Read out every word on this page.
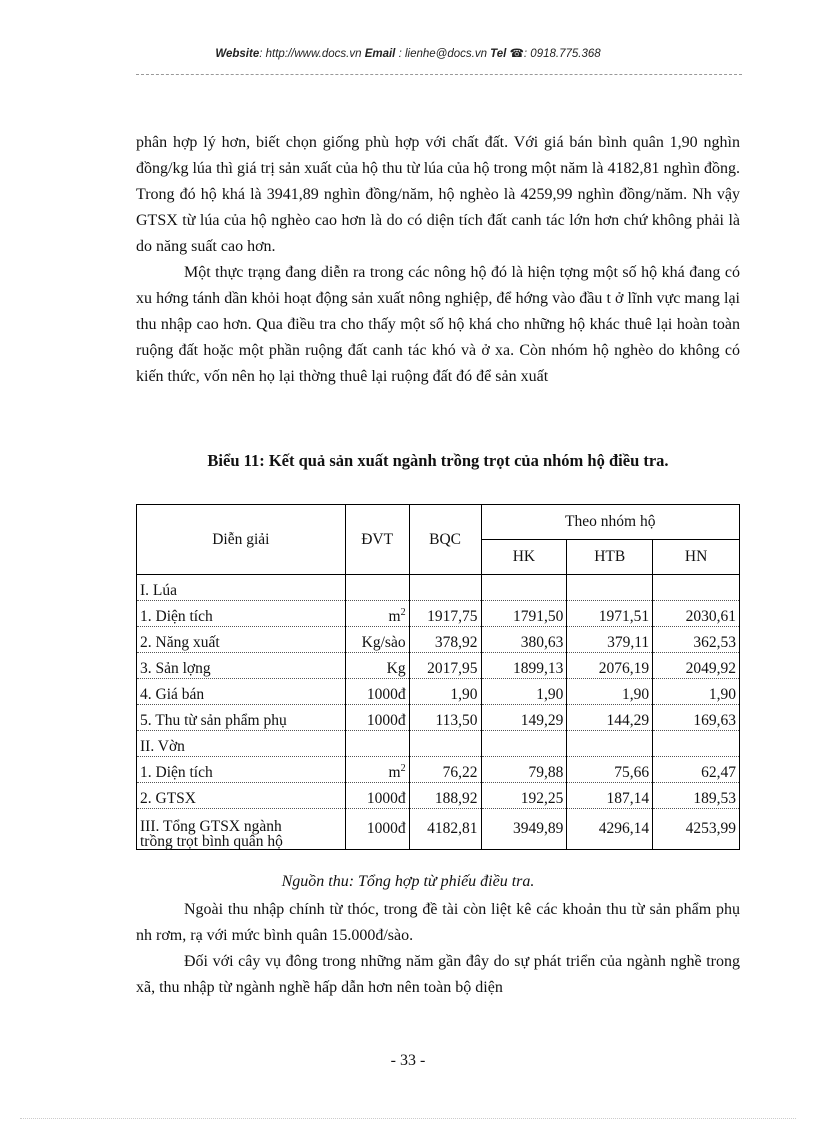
Website: http://www.docs.vn Email : lienhe@docs.vn Tel ☎: 0918.775.368

phân hợp lý hơn, biết chọn giống phù hợp với chất đất. Với giá bán bình quân 1,90 nghìn đồng/kg lúa thì giá trị sản xuất của hộ thu từ lúa của hộ trong một năm là 4182,81 nghìn đồng. Trong đó hộ khá là 3941,89 nghìn đồng/năm, hộ nghèo là 4259,99 nghìn đồng/năm. Nh vậy GTSX từ lúa của hộ nghèo cao hơn là do có diện tích đất canh tác lớn hơn chứ không phải là do năng suất cao hơn.

Một thực trạng đang diễn ra trong các nông hộ đó là hiện tợng một số hộ khá đang có xu hớng tánh dần khỏi hoạt động sản xuất nông nghiệp, để hớng vào đầu t ở lĩnh vực mang lại thu nhập cao hơn. Qua điều tra cho thấy một số hộ khá cho những hộ khác thuê lại hoàn toàn ruộng đất hoặc một phần ruộng đất canh tác khó và ở xa. Còn nhóm hộ nghèo do không có kiến thức, vốn nên họ lại thờng thuê lại ruộng đất đó để sản xuất

Biểu 11: Kết quả sản xuất ngành trồng trọt của nhóm hộ điều tra.
Diễn giải	ĐVT	BQC	Theo nhóm hộ		
			HK	HTB	HN
I. Lúa					
1. Diện tích	$m^2$	1917,75	1791,50	1971,51	2030,61
2. Năng xuất	Kg/sào	378,92	380,63	379,11	362,53
3. Sản lợng	Kg	2017,95	1899,13	2076,19	2049,92
4. Giá bán	1000đ	1,90	1,90	1,90	1,90
5. Thu từ sản phẩm phụ	1000đ	113,50	149,29	144,29	169,63
II. Vờn					
1. Diện tích	$m^2$	76,22	79,88	75,66	62,47
2. GTSX	1000đ	188,92	192,25	187,14	189,53

III. Tổng GTSX ngành
trồng trọt bình quân hộ	1000đ	4182,81	3949,89	4296,14	4253,99
Nguồn thu: Tổng hợp từ phiếu điều tra.

Ngoài thu nhập chính từ thóc, trong đề tài còn liệt kê các khoản thu từ sản phẩm phụ nh rơm, rạ với mức bình quân 15.000đ/sào.

Đối với cây vụ đông trong những năm gần đây do sự phát triển của ngành nghề trong xã, thu nhập từ ngành nghề hấp dẫn hơn nên toàn bộ diện

- 33 -
